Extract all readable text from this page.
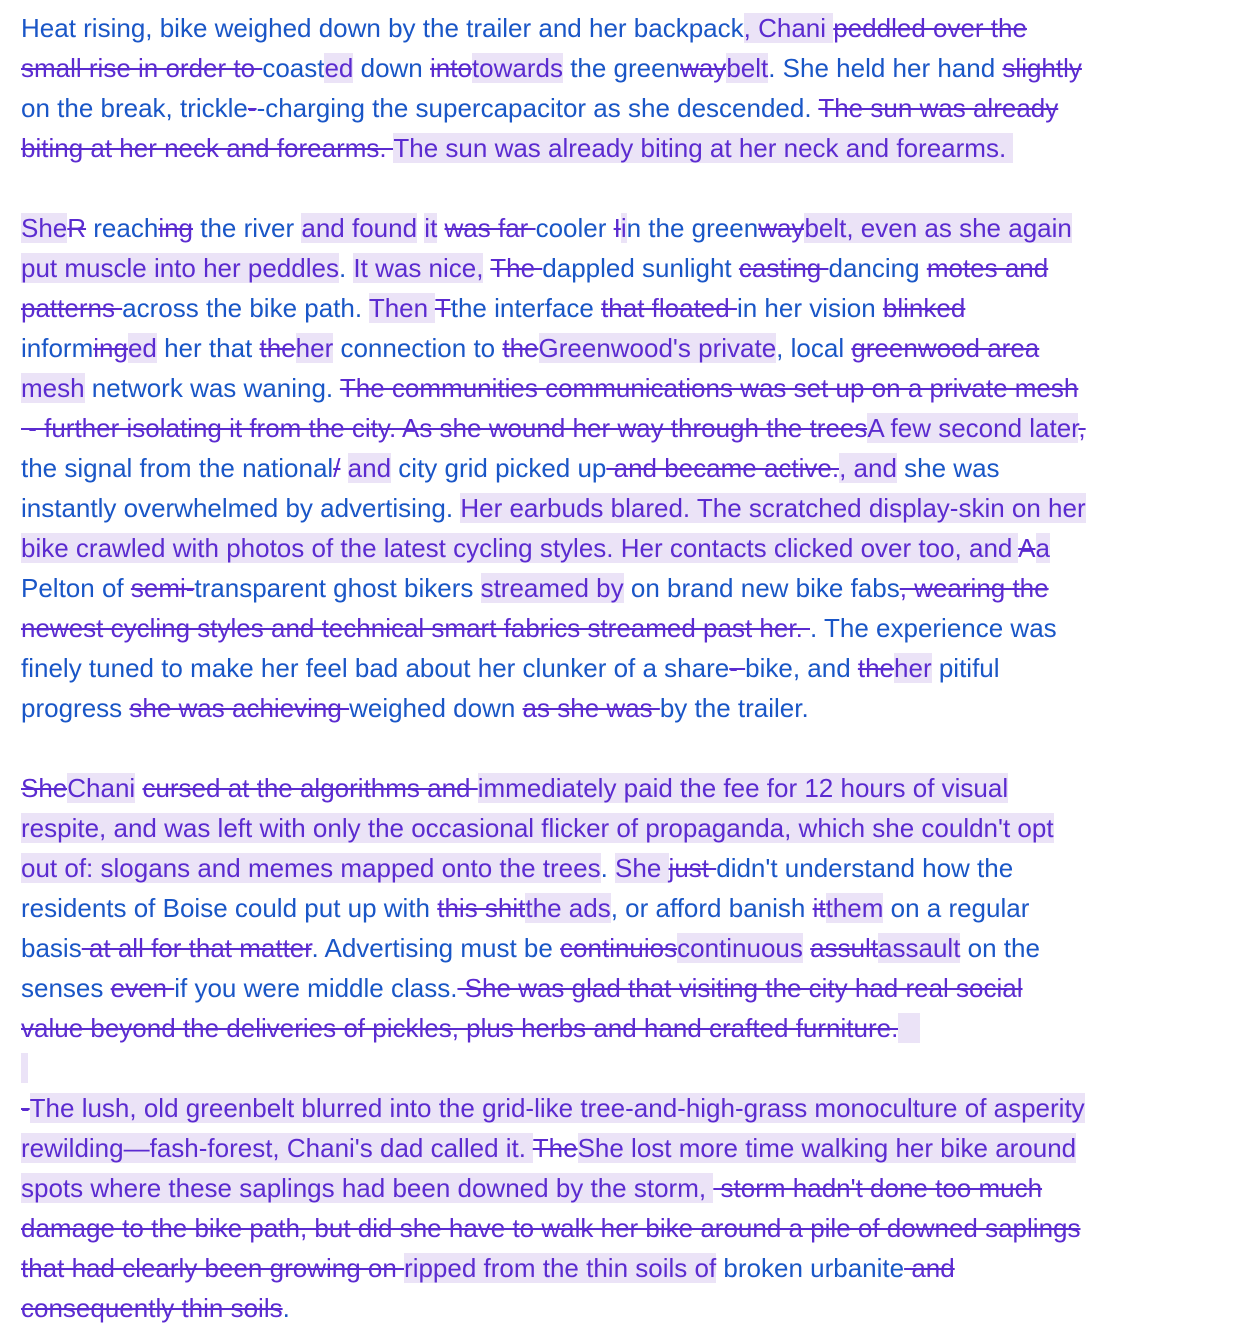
Heat rising, bike weighed down by the trailer and her backpack, Chani peddled over the
small rise in order to coasted down intotowards the greenwaybelt. She held her hand slightly
on the break, trickle--charging the supercapacitor as she descended. The sun was already
biting at her neck and forearms. The sun was already biting at her neck and forearms.
SheR reaching the river and found it was far cooler Iin the greenwaybelt, even as she again
put muscle into her peddles. It was nice, The dappled sunlight casting dancing motes and
patterns across the bike path. Then Tthe interface that floated in her vision blinked
informinged her that theher connection to theGreenwood's private, local greenwood area
mesh network was waning. The communities communications was set up on a private mesh
- further isolating it from the city. As she wound her way through the treesA few second later,
the signal from the national/ and city grid picked up and became active., and she was
instantly overwhelmed by advertising. Her earbuds blared. The scratched display-skin on her
bike crawled with photos of the latest cycling styles. Her contacts clicked over too, and Aa
Pelton of semi-transparent ghost bikers streamed by on brand new bike fabs, wearing the
newest cycling styles and technical smart fabrics streamed past her. . The experience was
finely tuned to make her feel bad about her clunker of a share- bike, and theher pitiful
progress she was achieving weighed down as she was by the trailer.
SheChani cursed at the algorithms and immediately paid the fee for 12 hours of visual
respite, and was left with only the occasional flicker of propaganda, which she couldn't opt
out of: slogans and memes mapped onto the trees. She just didn't understand how the
residents of Boise could put up with this shitthe ads, or afford banish itthem on a regular
basis at all for that matter. Advertising must be continuioscontinuous assultassault on the
senses even if you were middle class. She was glad that visiting the city had real social
value beyond the deliveries of pickles, plus herbs and hand crafted furniture.

-The lush, old greenbelt blurred into the grid-like tree-and-high-grass monoculture of asperity
rewilding—fash-forest, Chani's dad called it. TheShe lost more time walking her bike around
spots where these saplings had been downed by the storm,  storm hadn't done too much
damage to the bike path, but did she have to walk her bike around a pile of downed saplings
that had clearly been growing on ripped from the thin soils of broken urbanite and
consequently thin soils.
